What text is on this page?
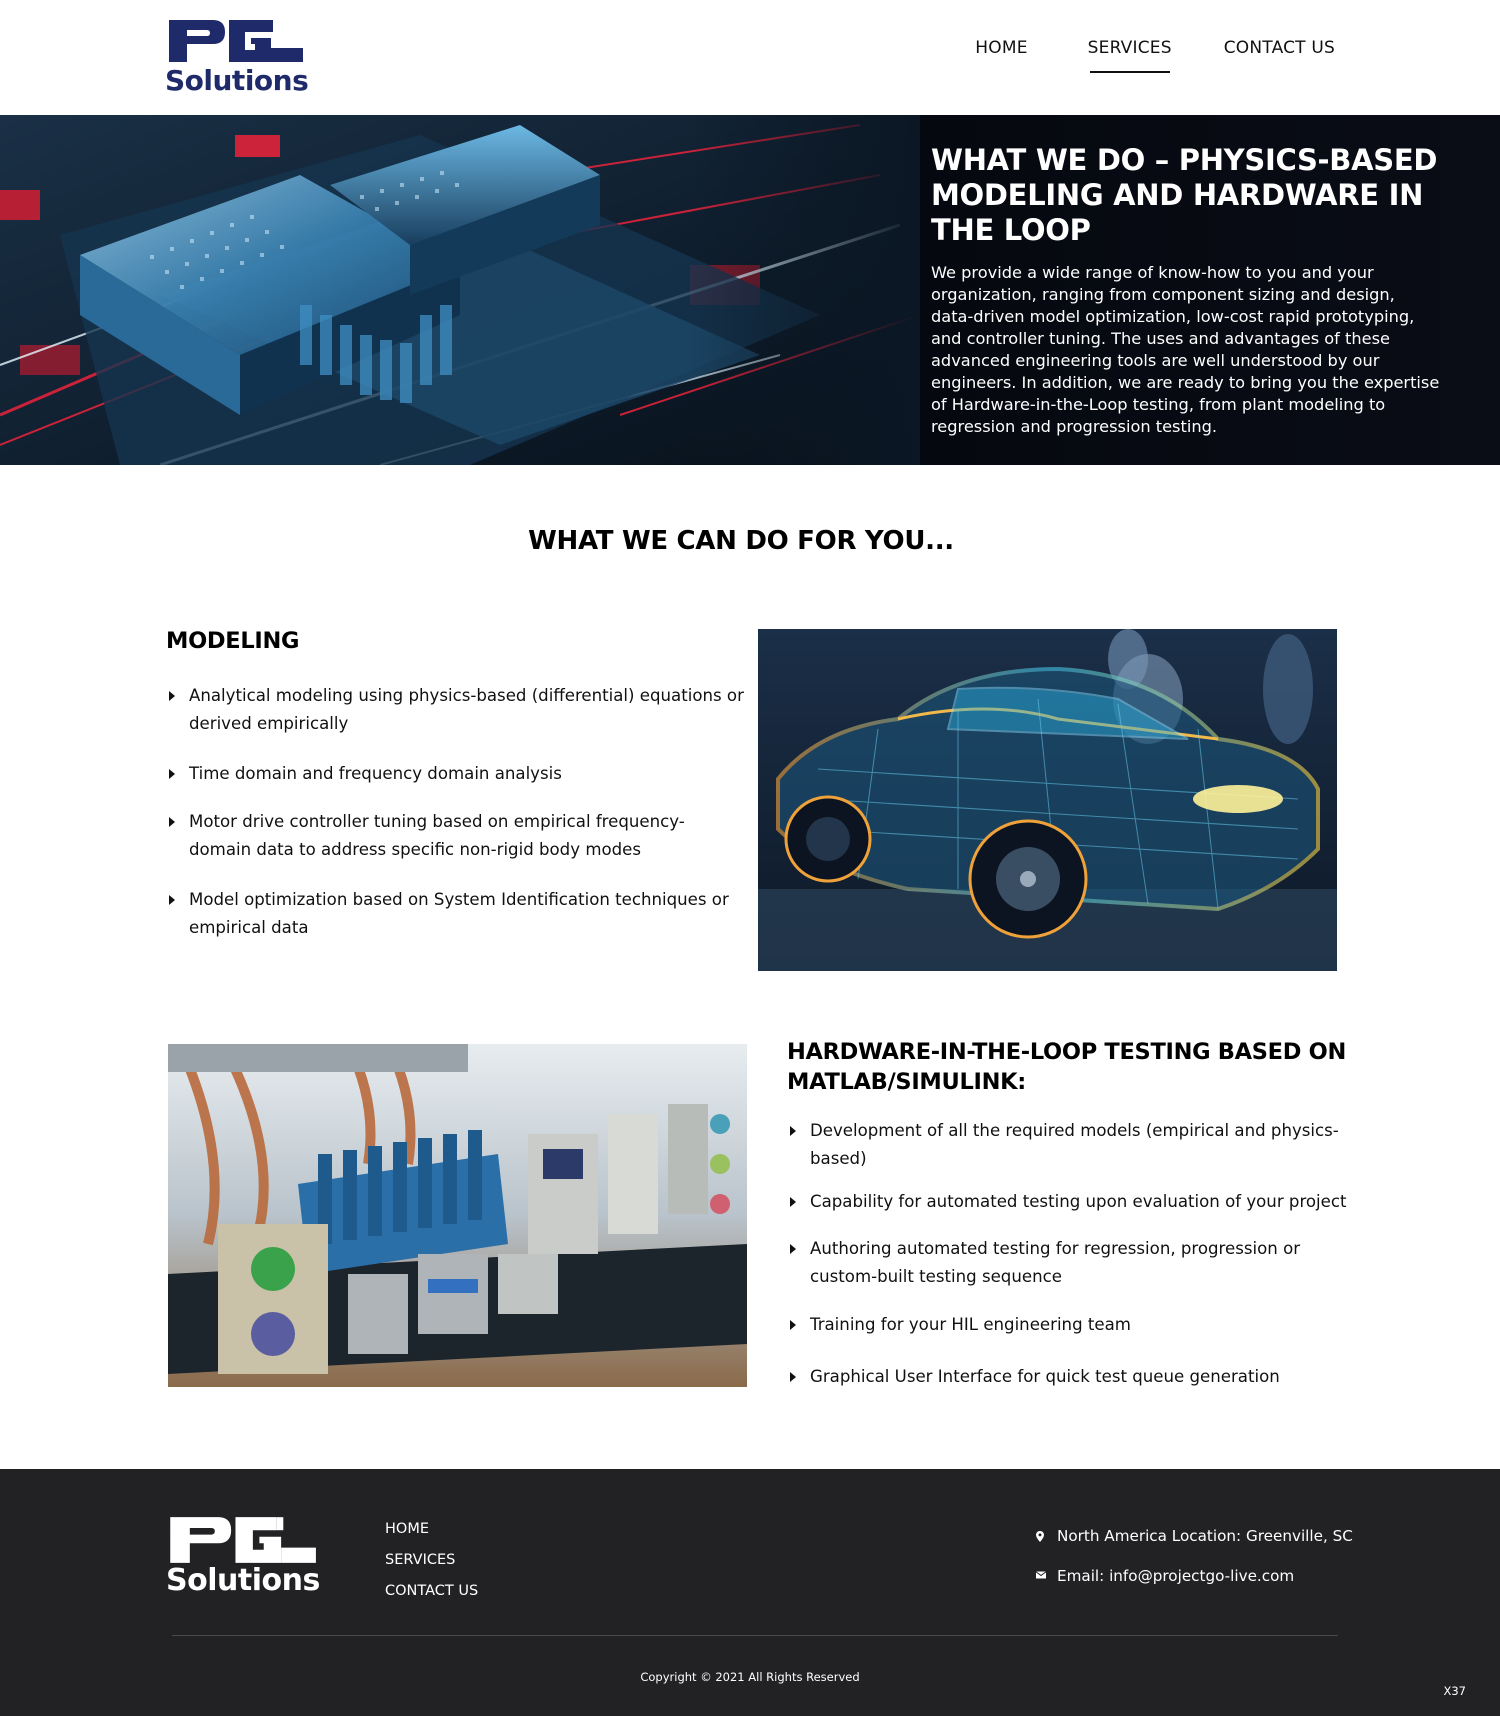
Solutions
HOME	SERVICES	CONTACT US
WHAT WE DO – PHYSICS-BASED MODELING AND HARDWARE IN THE LOOP

We provide a wide range of know-how to you and your organization, ranging from component sizing and design, data-driven model optimization, low-cost rapid prototyping, and controller tuning. The uses and advantages of these advanced engineering tools are well understood by our engineers. In addition, we are ready to bring you the expertise of Hardware-in-the-Loop testing, from plant modeling to regression and progression testing.

WHAT WE CAN DO FOR YOU...
MODELING
Analytical modeling using physics-based (differential) equations or derived empirically
Time domain and frequency domain analysis
Motor drive controller tuning based on empirical frequency-domain data to address specific non-rigid body modes
Model optimization based on System Identification techniques or empirical data
HARDWARE-IN-THE-LOOP TESTING BASED ON MATLAB/SIMULINK:
Development of all the required models (empirical and physics-based)
Capability for automated testing upon evaluation of your project
Authoring automated testing for regression, progression or custom-built testing sequence
Training for your HIL engineering team
Graphical User Interface for quick test queue generation
Solutions
HOME
SERVICES
CONTACT US
North America Location: Greenville, SC
Email: info@projectgo-live.com
Copyright © 2021 All Rights Reserved
X37
